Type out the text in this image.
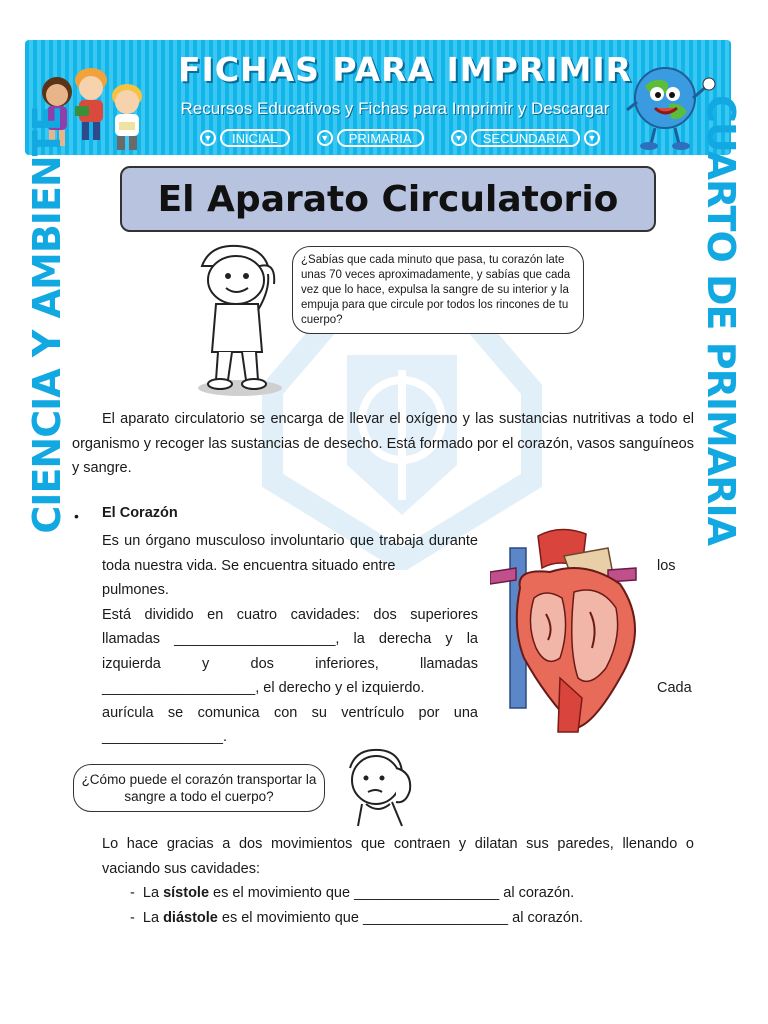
FICHAS PARA IMPRIMIR
Recursos Educativos y Fichas para Imprimir y Descargar
▼	INICIAL	▼	PRIMARIA	▼	SECUNDARIA	▼
CIENCIA Y AMBIENTE	CUARTO DE PRIMARIA
El Aparato Circulatorio
¿Sabías que cada minuto que pasa, tu corazón late unas 70 veces aproximadamente, y sabías que cada vez que lo hace, expulsa la sangre de su interior y la empuja para que circule por todos los rincones de tu cuerpo?
El aparato circulatorio se encarga de llevar el oxígeno y las sustancias nutritivas a todo el organismo y recoger las sustancias de desecho. Está formado por el corazón, vasos sanguíneos y sangre.
• El Corazón

Es un órgano musculoso involuntario que trabaja durante toda nuestra vida. Se encuentra situado entre

pulmones.

Está dividido en cuatro cavidades: dos superiores llamadas ____________________, la derecha y la izquierda y dos inferiores, llamadas ___________________, el derecho y el izquierdo.

aurícula se comunica con su ventrículo por una _______________.

los
Cada
¿Cómo puede el corazón transportar la sangre a todo el cuerpo?
Lo hace gracias a dos movimientos que contraen y dilatan sus paredes, llenando o vaciando sus cavidades:
- La sístole es el movimiento que __________________ al corazón.
- La diástole es el movimiento que __________________ al corazón.
